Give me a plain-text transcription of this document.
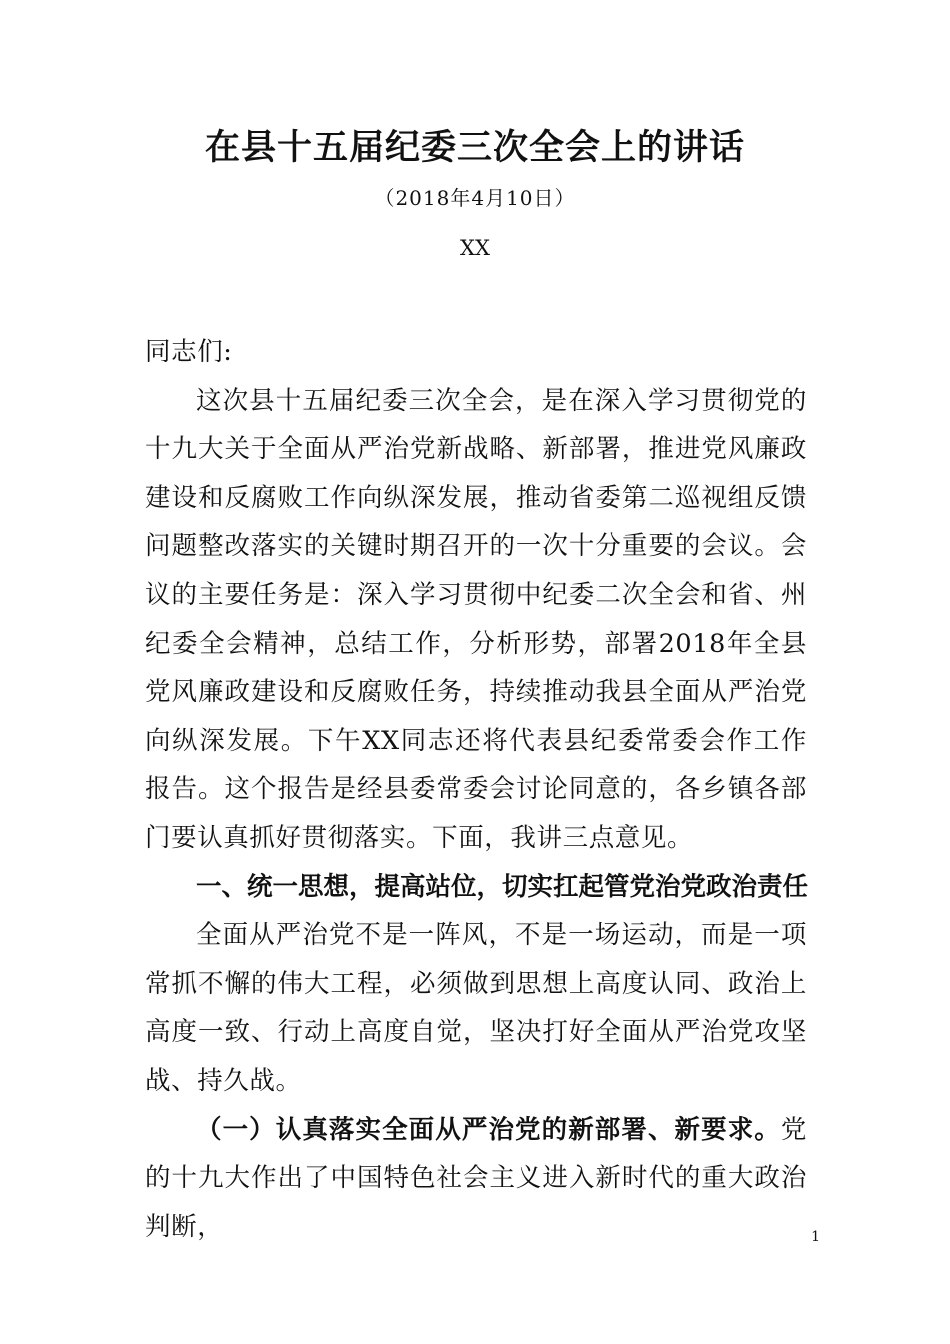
在县十五届纪委三次全会上的讲话
（2018年4月10日）
XX

同志们:

这次县十五届纪委三次全会，是在深入学习贯彻党的十九大关于全面从严治党新战略、新部署，推进党风廉政建设和反腐败工作向纵深发展，推动省委第二巡视组反馈问题整改落实的关键时期召开的一次十分重要的会议。会议的主要任务是：深入学习贯彻中纪委二次全会和省、州纪委全会精神，总结工作，分析形势，部署2018年全县党风廉政建设和反腐败任务，持续推动我县全面从严治党向纵深发展。下午XX同志还将代表县纪委常委会作工作报告。这个报告是经县委常委会讨论同意的，各乡镇各部门要认真抓好贯彻落实。下面，我讲三点意见。

一、统一思想，提高站位，切实扛起管党治党政治责任

全面从严治党不是一阵风，不是一场运动，而是一项常抓不懈的伟大工程，必须做到思想上高度认同、政治上高度一致、行动上高度自觉，坚决打好全面从严治党攻坚战、持久战。

（一）认真落实全面从严治党的新部署、新要求。党的十九大作出了中国特色社会主义进入新时代的重大政治判断，	1
